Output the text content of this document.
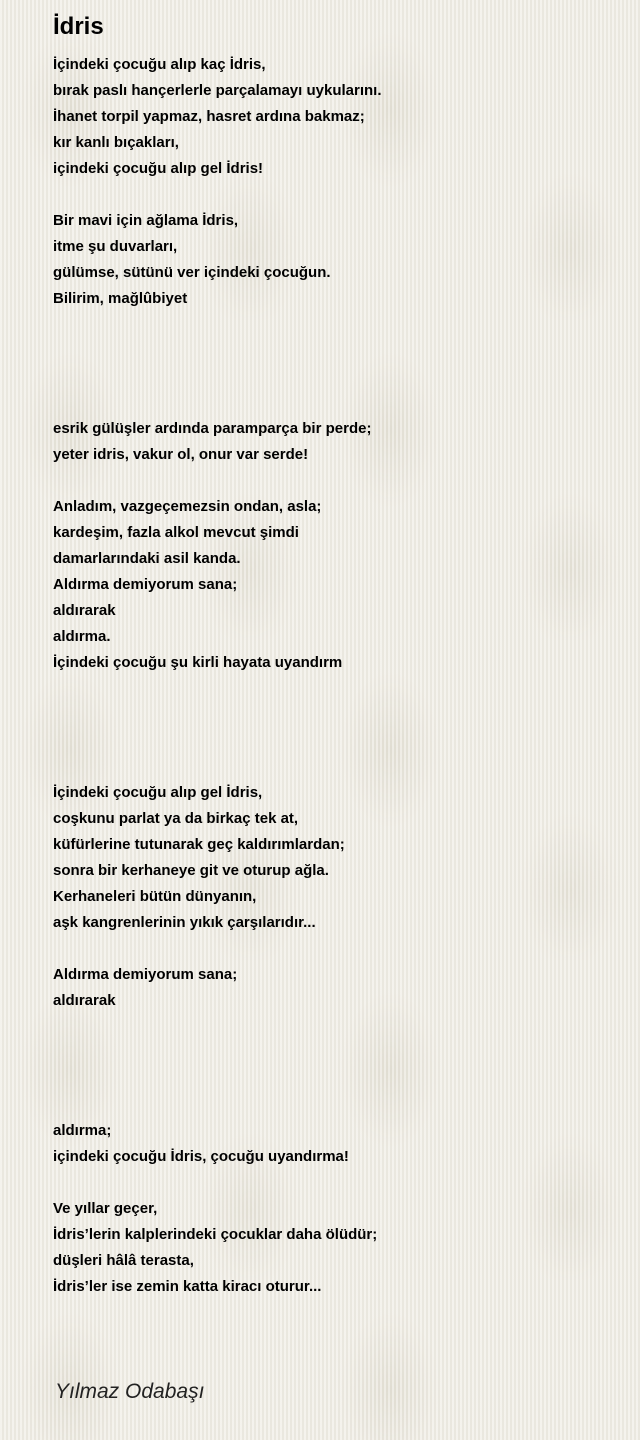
İdris
İçindeki çocuğu alıp kaç İdris,
bırak paslı hançerlerle parçalamayı uykularını.
İhanet torpil yapmaz, hasret ardına bakmaz;
kır kanlı bıçakları,
içindeki çocuğu alıp gel İdris!
Bir mavi için ağlama İdris,
itme şu duvarları,
gülümse, sütünü ver içindeki çocuğun.
Bilirim, mağlûbiyet
esrik gülüşler ardında paramparça bir perde;
yeter idris, vakur ol, onur var serde!
Anladım, vazgeçemezsin ondan, asla;
kardeşim, fazla alkol mevcut şimdi
damarlarındaki asil kanda.
Aldırma demiyorum sana;
aldırarak
aldırma.
İçindeki çocuğu şu kirli hayata uyandırm
İçindeki çocuğu alıp gel İdris,
coşkunu parlat ya da birkaç tek at,
küfürlerine tutunarak geç kaldırımlardan;
sonra bir kerhaneye git ve oturup ağla.
Kerhaneleri bütün dünyanın,
aşk kangrenlerinin yıkık çarşılarıdır...
Aldırma demiyorum sana;
aldırarak
aldırma;
içindeki çocuğu İdris, çocuğu uyandırma!
Ve yıllar geçer,
İdris’lerin kalplerindeki çocuklar daha ölüdür;
düşleri hâlâ terasta,
İdris’ler ise zemin katta kiracı oturur...
Yılmaz Odabaşı
